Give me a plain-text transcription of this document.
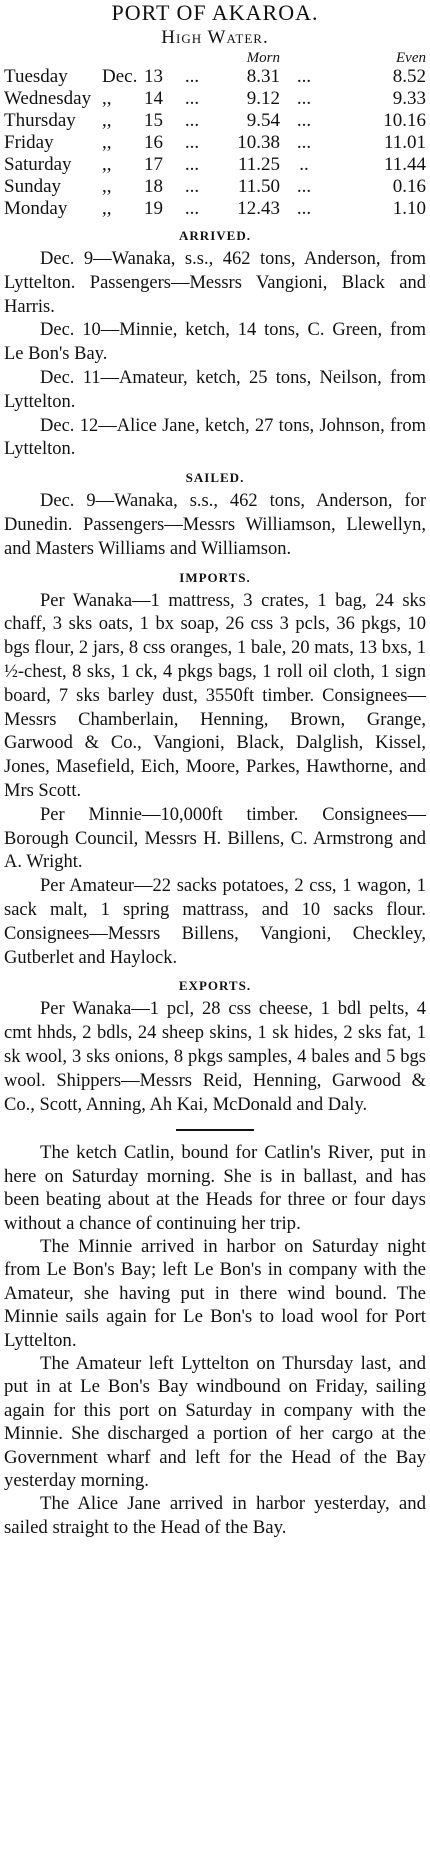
PORT OF AKAROA.
High Water.
				Morn		Even
Tuesday	Dec.	13	...	8.31	...	8.52
Wednesday	,,	14	...	9.12	...	9.33
Thursday	,,	15	...	9.54	...	10.16
Friday	,,	16	...	10.38	...	11.01
Saturday	,,	17	...	11.25	..	11.44
Sunday	,,	18	...	11.50	...	0.16
Monday	,,	19	...	12.43	...	1.10
ARRIVED.

Dec. 9—Wanaka, s.s., 462 tons, Anderson, from Lyttelton. Passengers—Messrs Vangioni, Black and Harris.

Dec. 10—Minnie, ketch, 14 tons, C. Green, from Le Bon's Bay.

Dec. 11—Amateur, ketch, 25 tons, Neilson, from Lyttelton.

Dec. 12—Alice Jane, ketch, 27 tons, Johnson, from Lyttelton.

SAILED.

Dec. 9—Wanaka, s.s., 462 tons, Anderson, for Dunedin. Passengers—Messrs Williamson, Llewellyn, and Masters Williams and Williamson.

IMPORTS.

Per Wanaka—1 mattress, 3 crates, 1 bag, 24 sks chaff, 3 sks oats, 1 bx soap, 26 css 3 pcls, 36 pkgs, 10 bgs flour, 2 jars, 8 css oranges, 1 bale, 20 mats, 13 bxs, 1 ½-chest, 8 sks, 1 ck, 4 pkgs bags, 1 roll oil cloth, 1 sign board, 7 sks barley dust, 3550ft timber. Consignees—Messrs Chamberlain, Henning, Brown, Grange, Garwood & Co., Vangioni, Black, Dalglish, Kissel, Jones, Masefield, Eich, Moore, Parkes, Hawthorne, and Mrs Scott.

Per Minnie—10,000ft timber. Consignees—Borough Council, Messrs H. Billens, C. Armstrong and A. Wright.

Per Amateur—22 sacks potatoes, 2 css, 1 wagon, 1 sack malt, 1 spring mattrass, and 10 sacks flour. Consignees—Messrs Billens, Vangioni, Checkley, Gutberlet and Haylock.

EXPORTS.

Per Wanaka—1 pcl, 28 css cheese, 1 bdl pelts, 4 cmt hhds, 2 bdls, 24 sheep skins, 1 sk hides, 2 sks fat, 1 sk wool, 3 sks onions, 8 pkgs samples, 4 bales and 5 bgs wool. Shippers—Messrs Reid, Henning, Garwood & Co., Scott, Anning, Ah Kai, McDonald and Daly.

The ketch Catlin, bound for Catlin's River, put in here on Saturday morning. She is in ballast, and has been beating about at the Heads for three or four days without a chance of continuing her trip.

The Minnie arrived in harbor on Saturday night from Le Bon's Bay; left Le Bon's in company with the Amateur, she having put in there wind bound. The Minnie sails again for Le Bon's to load wool for Port Lyttelton.

The Amateur left Lyttelton on Thursday last, and put in at Le Bon's Bay windbound on Friday, sailing again for this port on Saturday in company with the Minnie. She discharged a portion of her cargo at the Government wharf and left for the Head of the Bay yesterday morning.

The Alice Jane arrived in harbor yesterday, and sailed straight to the Head of the Bay.
